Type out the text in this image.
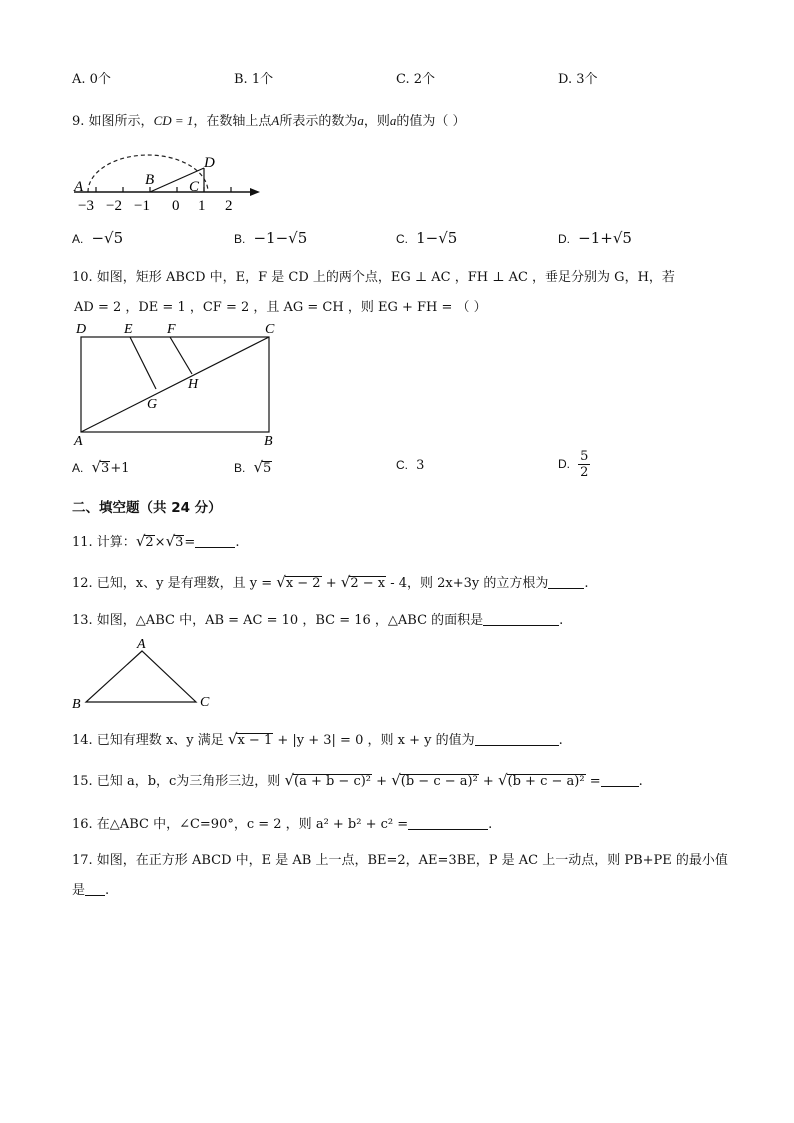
A. 0个	B. 1个	C. 2个	D. 3个
9. 如图所示，CD = 1，在数轴上点A所表示的数为a，则a的值为（ ）
A	B C
D
−3 −2 −1 0 1 2
A. −√5	B. −1−√5	C. 1−√5	D. −1+√5
10. 如图，矩形 ABCD 中，E，F 是 CD 上的两个点，EG ⊥ AC ，FH ⊥ AC ，垂足分别为 G，H，若
AD = 2 ，DE = 1 ，CF = 2 ，且 AG = CH ，则 EG + FH = （ ）
D	E F	C
H
G
A	B
A. √3+1	B. √5	C. 3	D. $\frac{5}{2}$
二、填空题（共 24 分）
11. 计算：√2×√3=	.
12. 已知，x、y 是有理数，且 y = √x − 2 + √2 − x - 4，则 2x+3y 的立方根为	.
13. 如图，△ABC 中，AB = AC = 10 ，BC = 16 ，△ABC 的面积是	.
A
B	C
14. 已知有理数 x、y 满足 √x − 1 + |y + 3| = 0 ，则 x + y 的值为	.
15. 已知 a，b，c为三角形三边，则 √(a + b − c)² + √(b − c − a)² + √(b + c − a)² =	.
16. 在△ABC 中，∠C=90°，c = 2 ，则 a² + b² + c² =	.
17. 如图，在正方形 ABCD 中，E 是 AB 上一点，BE=2，AE=3BE，P 是 AC 上一动点，则 PB+PE 的最小值
是 .
